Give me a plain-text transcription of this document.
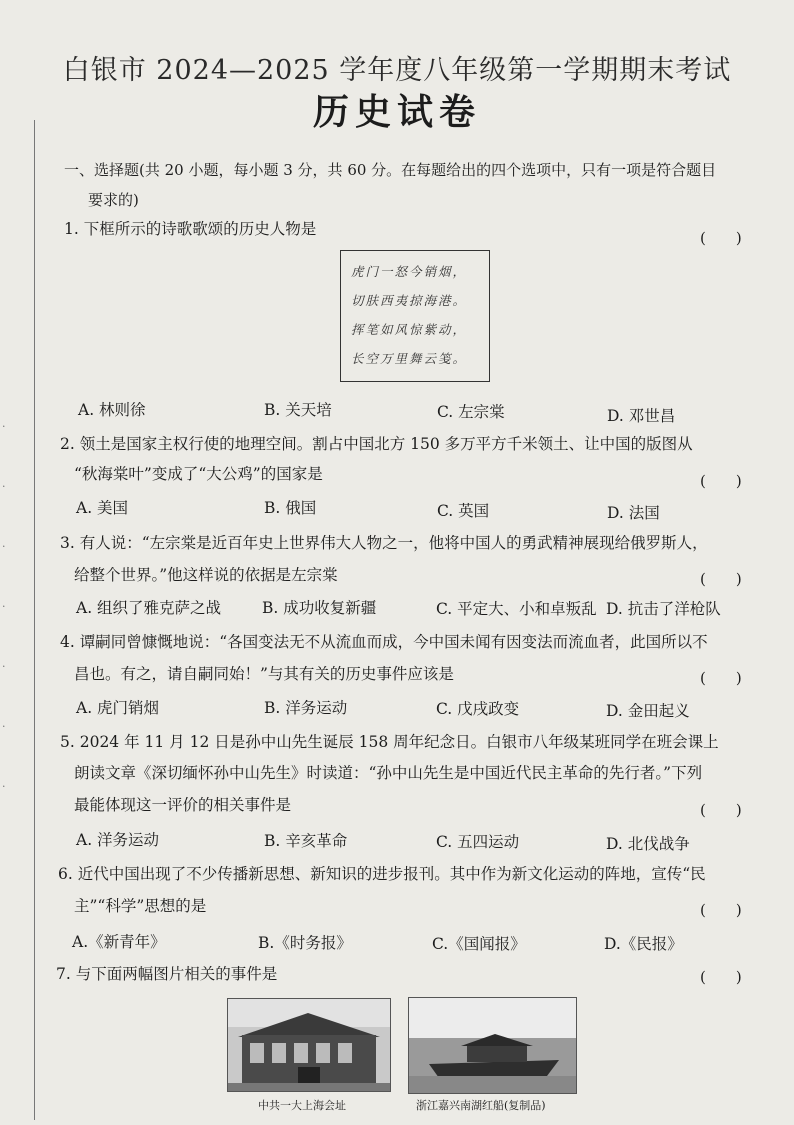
·
·
·
·
·
·
·
白银市 2024—2025 学年度八年级第一学期期末考试
历史试卷
一、选择题(共 20 小题，每小题 3 分，共 60 分。在每题给出的四个选项中，只有一项是符合题目
要求的)
1. 下框所示的诗歌歌颂的历史人物是	(　　)
虎门一怒今销烟，
切肤西夷掠海港。
挥笔如风惊紫动，
长空万里舞云笺。
A. 林则徐	B. 关天培	C. 左宗棠	D. 邓世昌
2. 领土是国家主权行使的地理空间。割占中国北方 150 多万平方千米领土、让中国的版图从
“秋海棠叶”变成了“大公鸡”的国家是	(　　)
A. 美国	B. 俄国	C. 英国	D. 法国
3. 有人说：“左宗棠是近百年史上世界伟大人物之一，他将中国人的勇武精神展现给俄罗斯人，
给整个世界。”他这样说的依据是左宗棠	(　　)
A. 组织了雅克萨之战	B. 成功收复新疆	C. 平定大、小和卓叛乱 D. 抗击了洋枪队
4. 谭嗣同曾慷慨地说：“各国变法无不从流血而成，今中国未闻有因变法而流血者，此国所以不
昌也。有之，请自嗣同始！”与其有关的历史事件应该是	(　　)
A. 虎门销烟	B. 洋务运动	C. 戊戌政变	D. 金田起义
5. 2024 年 11 月 12 日是孙中山先生诞辰 158 周年纪念日。白银市八年级某班同学在班会课上
朗读文章《深切缅怀孙中山先生》时读道：“孙中山先生是中国近代民主革命的先行者。”下列
最能体现这一评价的相关事件是	(　　)
A. 洋务运动	B. 辛亥革命	C. 五四运动	D. 北伐战争
6. 近代中国出现了不少传播新思想、新知识的进步报刊。其中作为新文化运动的阵地，宣传“民
主”“科学”思想的是	(　　)
A.《新青年》	B.《时务报》	C.《国闻报》	D.《民报》
7. 与下面两幅图片相关的事件是	(　　)
中共一大上海会址	浙江嘉兴南湖红船(复制品)
